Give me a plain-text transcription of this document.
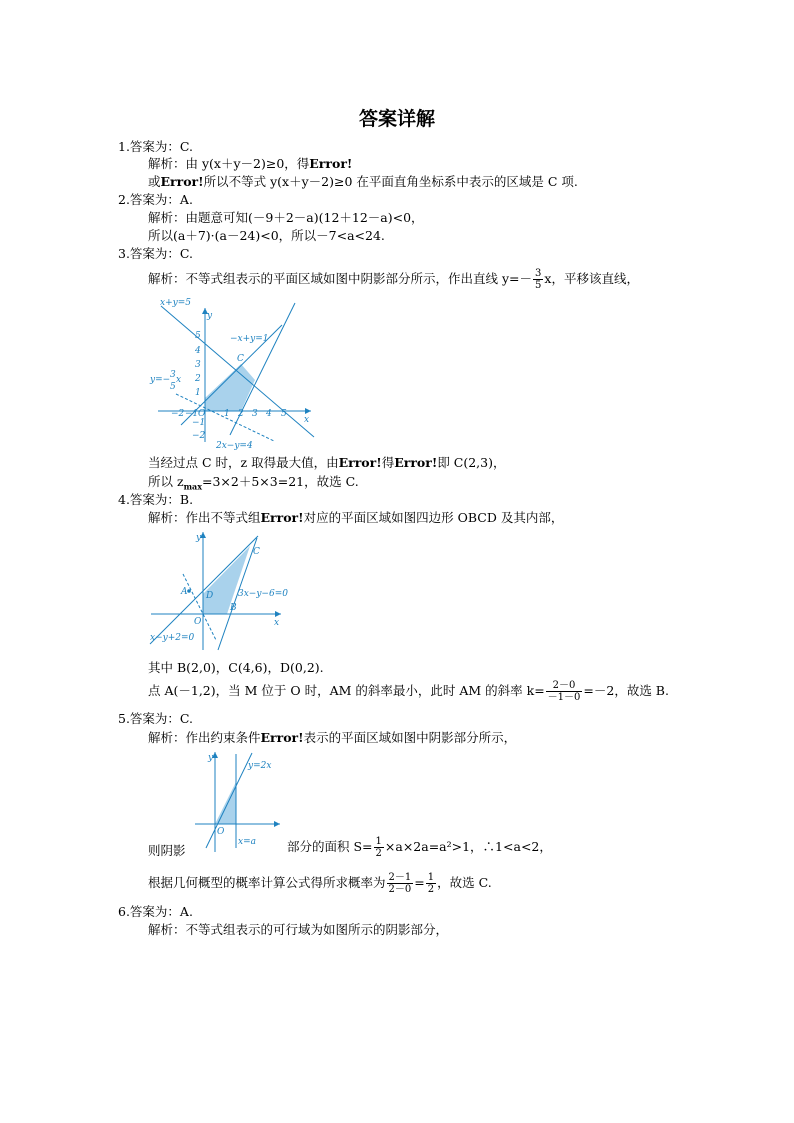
答案详解
1.答案为：C.
解析：由 y(x＋y－2)≥0，得Error!
或Error!所以不等式 y(x＋y－2)≥0 在平面直角坐标系中表示的区域是 C 项.
2.答案为：A.
解析：由题意可知(－9＋2－a)(12＋12－a)<0，
所以(a＋7)·(a－24)<0，所以－7<a<24.
3.答案为：C.
解析：不等式组表示的平面区域如图中阴影部分所示，作出直线 $y=- \frac{3}{5}$ x，平移该直线，
x+y=5
y
x
−x+y=1
C
y=− 3
5
x
2x−y=4
O
5
4
3
2
1
−1
−2
−2 −1	1 2 3 4 5
当经过点 C 时，z 取得最大值，由Error!得Error!即 C(2,3)，
所以 $z_{max}=3\times 2+5\times 3=21$，故选 C.
4.答案为：B.
解析：作出不等式组Error!对应的平面区域如图四边形 OBCD 及其内部，
y
x
C
A D
B
O
3x−y−6=0
x−y+2=0
其中 B(2,0)，C(4,6)，D(0,2).
点 A(－1,2)，当 M 位于 O 时，AM 的斜率最小，此时 AM 的斜率 $k= \frac{2-0}{-1-0} =-2$，故选 B.
5.答案为：C.
解析：作出约束条件Error!表示的平面区域如图中阴影部分所示，
y
y=2x
O
x=a
则阴影	部分的面积 $S= \frac{1}{2} \times a\times 2a=a^2>1$，∴1<a<2，
根据几何概型的概率计算公式得所求概率为 $\frac{2-1}{2-0} = \frac{1}{2}$ ，故选 C.
6.答案为：A.
解析：不等式组表示的可行域为如图所示的阴影部分，
